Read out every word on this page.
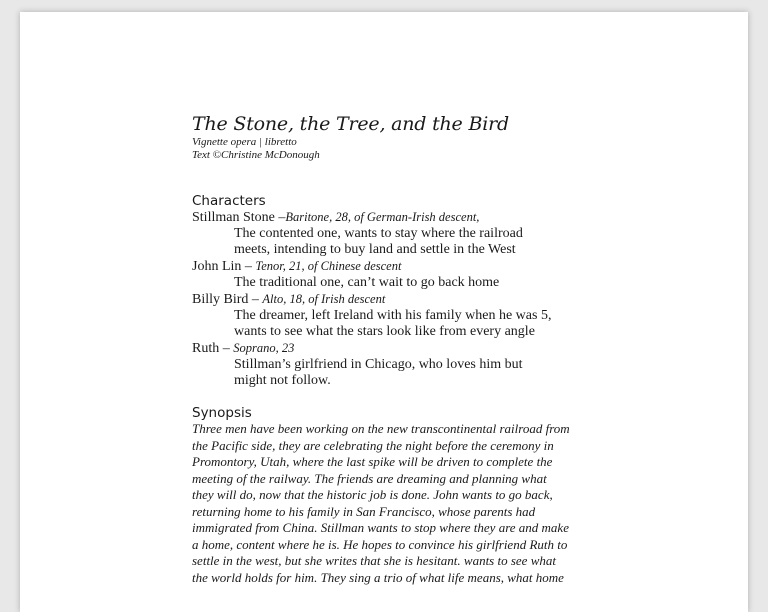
The Stone, the Tree, and the Bird

Vignette opera | libretto

Text ©Christine McDonough

Characters

Stillman Stone –Baritone, 28, of German-Irish descent,

The contented one, wants to stay where the railroad

meets, intending to buy land and settle in the West

John Lin – Tenor, 21, of Chinese descent

The traditional one, can’t wait to go back home

Billy Bird – Alto, 18, of Irish descent

The dreamer, left Ireland with his family when he was 5,

wants to see what the stars look like from every angle

Ruth – Soprano, 23

Stillman’s girlfriend in Chicago, who loves him but

might not follow.

Synopsis

Three men have been working on the new transcontinental railroad from
the Pacific side, they are celebrating the night before the ceremony in
Promontory, Utah, where the last spike will be driven to complete the
meeting of the railway. The friends are dreaming and planning what
they will do, now that the historic job is done. John wants to go back,
returning home to his family in San Francisco, whose parents had
immigrated from China. Stillman wants to stop where they are and make
a home, content where he is. He hopes to convince his girlfriend Ruth to
settle in the west, but she writes that she is hesitant. wants to see what
the world holds for him. They sing a trio of what life means, what home
